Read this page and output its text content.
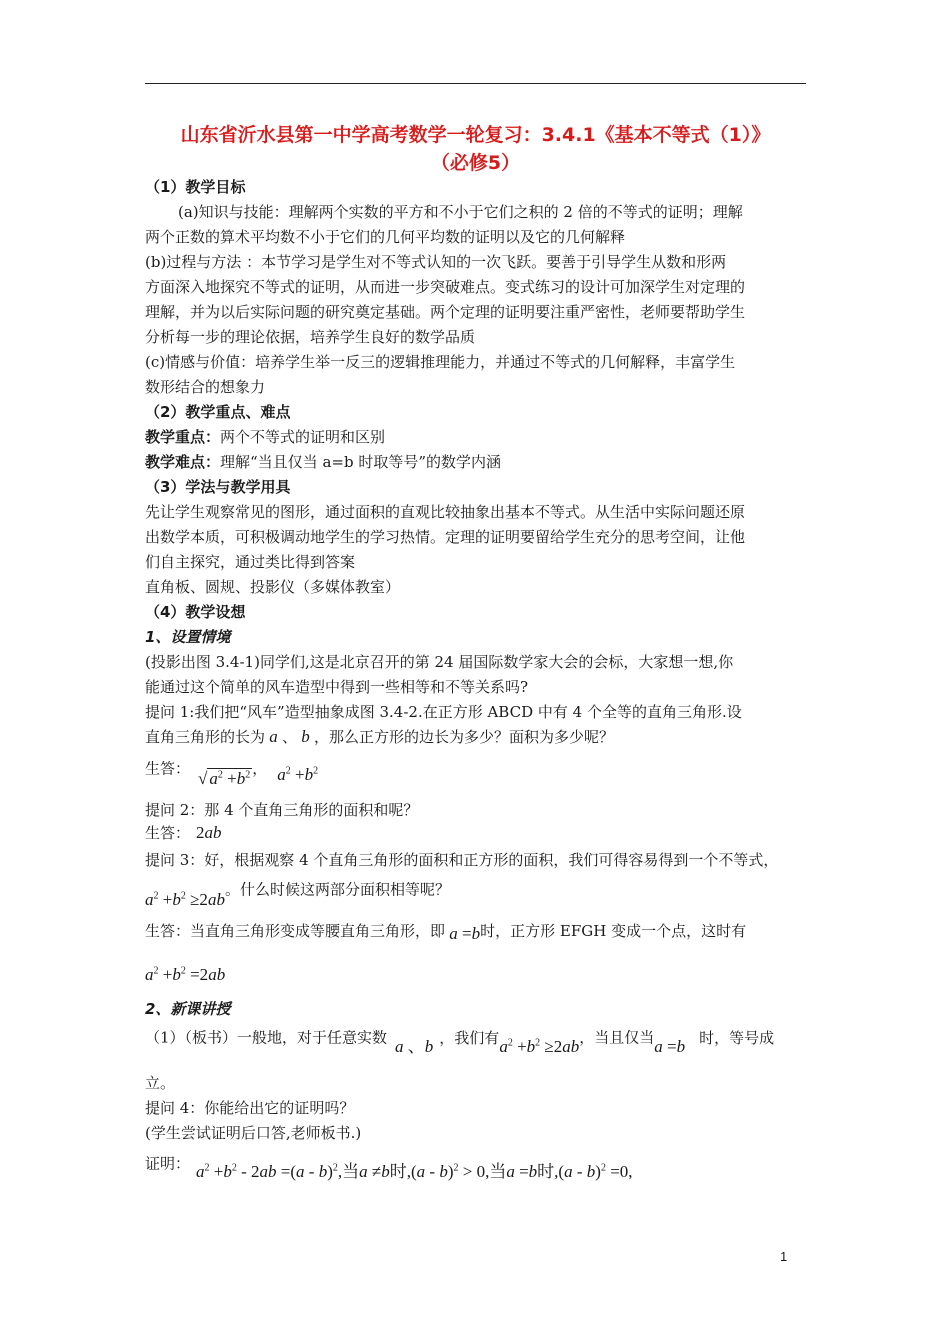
山东省沂水县第一中学高考数学一轮复习：3.4.1《基本不等式（1）》
（必修5）
（1）教学目标
(a)知识与技能：理解两个实数的平方和不小于它们之积的 2 倍的不等式的证明；理解
两个正数的算术平均数不小于它们的几何平均数的证明以及它的几何解释
(b)过程与方法 ：本节学习是学生对不等式认知的一次飞跃。要善于引导学生从数和形两
方面深入地探究不等式的证明，从而进一步突破难点。变式练习的设计可加深学生对定理的
理解，并为以后实际问题的研究奠定基础。两个定理的证明要注重严密性，老师要帮助学生
分析每一步的理论依据，培养学生良好的数学品质
(c)情感与价值：培养学生举一反三的逻辑推理能力，并通过不等式的几何解释，丰富学生
数形结合的想象力
（2）教学重点、难点
教学重点：两个不等式的证明和区别
教学难点：理解“当且仅当 a=b 时取等号”的数学内涵
（3）学法与教学用具
先让学生观察常见的图形，通过面积的直观比较抽象出基本不等式。从生活中实际问题还原
出数学本质，可积极调动地学生的学习热情。定理的证明要留给学生充分的思考空间，让他
们自主探究，通过类比得到答案
直角板、圆规、投影仪（多媒体教室）
（4）教学设想
1、设置情境
(投影出图 3.4-1)同学们,这是北京召开的第 24 届国际数学家大会的会标，大家想一想,你
能通过这个简单的风车造型中得到一些相等和不等关系吗?
提问 1:我们把“风车”造型抽象成图 3.4-2.在正方形 ABCD 中有 4 个全等的直角三角形.设
直角三角形的长为 a 、 b ，那么正方形的边长为多少？面积为多少呢？
生答： √ $a^2 +b^2$ ， $a^2 +b^2$
提问 2：那 4 个直角三角形的面积和呢？
生答： 2ab
提问 3：好，根据观察 4 个直角三角形的面积和正方形的面积，我们可得容易得到一个不等式，
$a^2 +b^2 \ge 2ab$。什么时候这两部分面积相等呢？
生答：当直角三角形变成等腰直角三角形，即 a =b时，正方形 EFGH 变成一个点，这时有
$a^2 +b^2 =2ab$
2、新课讲授
（1）（板书）一般地，对于任意实数 a 、b ，我们有$a^2 +b^2 \ge 2ab$，当且仅当a =b 时，等号成
立。
提问 4：你能给出它的证明吗？
(学生尝试证明后口答,老师板书.)
证明： $a^2 +b^2 - 2ab =(a - b)^2$,当a ≠b时,(a - b)$^2$ > 0,当a =b时,(a - b)$^2$ =0,
1
